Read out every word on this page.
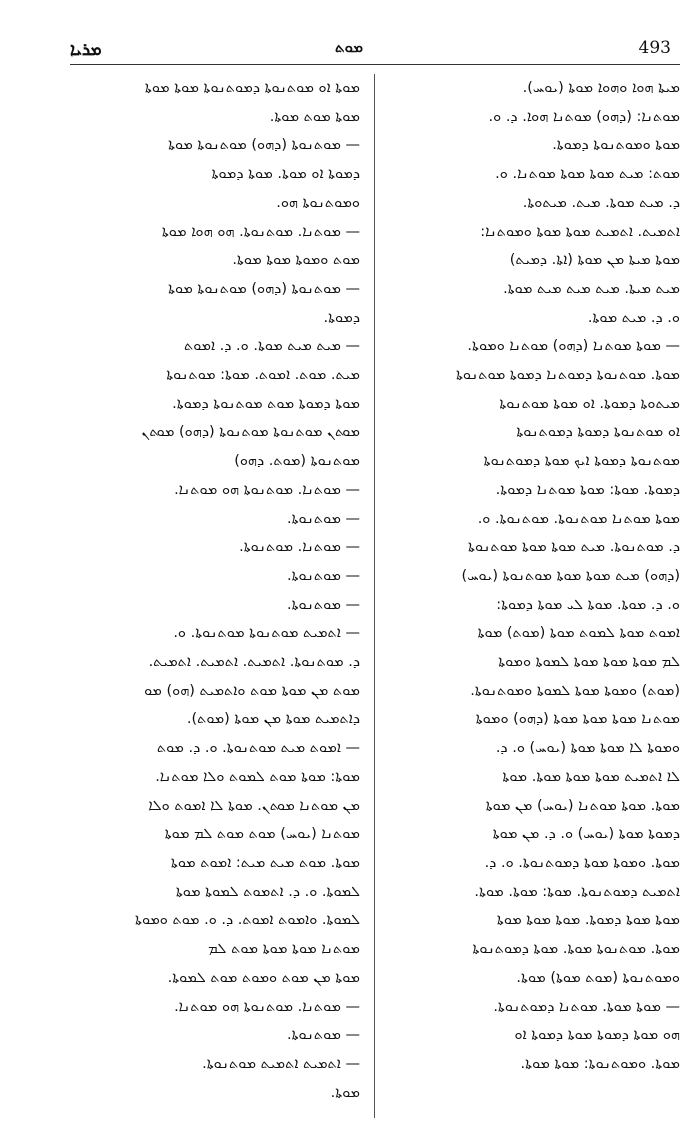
ܡܪܝܐ	ܡܘܬ	493
ܡܝܬܐ ܗܘܐ ܘܗܘܐ ܡܘܬܐ (ܝܘܚ).
ܡܘܬܢܐ: (ܕܗܘ) ܡܘܬܢܐ ܗܘܐ. ܕ. ܘ.
ܡܘܬܐ ܘܡܘܬܢܘܬܐ ܕܡܘܬܐ.
ܡܘܬ: ܡܝܬ ܡܘܬܐ ܡܘܬܐ ܡܘܬܢܐ. ܘ.
ܕ. ܡܝܬ ܡܘܬܐ. ܡܝܬ. ܡܝܬܘܬܐ.
ܐܬܡܝܬ. ܐܬܡܝܬ ܡܘܬܐ ܡܘܬܐ ܘܡܘܬܢܐ:
ܡܘܬܐ ܡܝܬܐ ܡܢ ܡܘܬܐ (ܐܬܐ. ܕܡܝܬ)
ܡܝܬ ܡܝܬܐ. ܡܝܬ ܡܝܬ ܡܝܬ ܡܘܬܐ.
ܘ. ܕ. ܡܝܬ ܡܘܬܐ.
— ܡܘܬܐ ܡܘܬܢܐ (ܕܗܘ) ܡܘܬܢܐ ܘܡܘܬܐ.
ܡܘܬܐ. ܡܘܬܢܘܬܐ ܕܡܘܬܢܐ ܕܡܘܬܐ ܡܘܬܢܘܬܐ
ܡܝܬܘܬܐ ܕܡܘܬܐ. ܐܘ ܡܘܬܐ ܡܘܬܢܘܬܐ
ܐܘ ܡܘܬܢܘܬܐ ܕܡܘܬܐ ܕܡܘܬܢܘܬܐ
ܡܘܬܢܘܬܐ ܕܡܘܬܐ ܐܝܟ ܡܘܬܐ ܕܡܘܬܢܘܬܐ
ܕܡܘܬܐ. ܡܘܬܐ: ܡܘܬܐ ܡܘܬܢܐ ܕܡܘܬܐ.
ܡܘܬܐ ܡܘܬܢܐ ܡܘܬܢܘܬܐ. ܡܘܬܢܘܬܐ. ܘ.
ܕ. ܡܘܬܢܘܬܐ. ܡܝܬ ܡܘܬܐ ܡܘܬܐ ܡܘܬܢܘܬܐ
(ܕܗܘ) ܡܝܬ ܡܘܬܐ ܡܘܬܐ ܡܘܬܢܘܬܐ (ܝܘܚ)
ܘ. ܕ. ܡܘܬܐ. ܡܘܬܐ ܠܝ ܡܘܬܐ ܕܡܘܬܐ:
ܐܡܘܬ ܡܘܬܐ ܠܡܘܬ ܡܘܬܐ (ܡܘܬ) ܡܘܬܐ
ܠܡ ܡܘܬܐ ܡܘܬܐ ܡܘܬܐ ܠܡܘܬܐ ܘܡܘܬܐ
(ܡܘܬ) ܘܡܘܬܐ ܡܘܬܐ ܠܡܘܬܐ ܘܡܘܬܢܘܬܐ.
ܡܘܬܢܐ ܡܘܬܐ ܡܘܬܐ ܡܘܬܐ (ܕܗܘ) ܘܡܘܬܐ
ܘܡܘܬܐ ܠܐ ܡܘܬܐ ܡܘܬܐ (ܝܘܚ) ܘ. ܕ.
ܠܐ ܐܬܡܝܬ ܡܘܬܐ ܡܘܬܐ ܡܘܬܐ. ܡܘܬܐ
ܡܘܬܐ. ܡܘܬܐ ܡܘܬܢܐ (ܝܘܚ) ܡܢ ܡܘܬܐ
ܕܡܘܬܐ ܡܘܬܐ (ܝܘܚ) ܘ. ܕ. ܡܢ ܡܘܬܐ
ܡܘܬܐ. ܘܡܘܬܐ ܡܘܬܐ ܕܡܘܬܢܘܬܐ. ܘ. ܕ.
ܐܬܡܝܬ ܕܡܘܬܢܘܬܐ. ܡܘܬܐ: ܡܘܬܐ. ܡܘܬܐ.
ܡܘܬܐ ܡܘܬܐ ܕܡܘܬܐ. ܡܘܬܐ ܡܘܬܐ ܡܘܬܐ
ܡܘܬܐ. ܡܘܬܢܘܬܐ ܡܘܬܐ. ܡܘܬܐ ܕܡܘܬܢܘܬܐ
ܘܡܘܬܢܘܬܐ (ܡܘܬ ܡܘܬܐ) ܡܘܬܐ.
— ܡܘܬܐ ܡܘܬܐ. ܡܘܬܢܐ ܕܡܘܬܢܘܬܐ.
ܗܘ ܡܘܬܐ ܕܡܘܬܐ ܡܘܬܐ ܕܡܘܬܐ ܐܘ
ܡܘܬܐ. ܘܡܘܬܢܘܬܐ: ܡܘܬܐ ܡܘܬܐ.
ܡܘܬܐ ܐܘ ܡܘܬܢܘܬܐ ܕܡܘܬܢܘܬܐ ܡܘܬܐ ܡܘܬܐ
ܡܘܬܐ ܡܘܬ ܡܘܬܐ.
— ܡܘܬܢܘܬܐ (ܕܗܘ) ܡܘܬܢܘܬܐ ܡܘܬܐ
ܕܡܘܬܐ ܐܘ ܡܘܬܐ. ܡܘܬܐ ܕܡܘܬܐ
ܘܡܘܬܢܘܬܐ ܗܘ.
— ܡܘܬܢܐ. ܡܘܬܢܘܬܐ. ܗܘ ܗܘܐ ܡܘܬܐ
ܡܘܬ ܘܡܘܬܐ ܡܘܬܐ ܡܘܬܐ.
— ܡܘܬܢܘܬܐ (ܕܗܘ) ܡܘܬܢܘܬܐ ܡܘܬܐ
ܕܡܘܬܐ.
— ܡܝܬ ܡܝܬ ܡܘܬܐ. ܘ. ܕ. ܐܡܘܬ
ܡܝܬ. ܡܘܬ. ܐܡܘܬ. ܡܘܬܐ: ܡܘܬܢܘܬܐ
ܡܘܬܐ ܕܡܘܬܐ ܡܘܬ ܡܘܬܢܘܬܐ ܕܡܘܬܐ.
ܡܘܬܢ ܡܘܬܢܘܬܐ ܡܘܬܢܘܬܐ (ܕܗܘ) ܡܘܬܢ
ܡܘܬܢܘܬܐ (ܡܘܬ. ܕܗܘ)
— ܡܘܬܢܐ. ܡܘܬܢܘܬܐ ܗܘ ܡܘܬܢܐ.
— ܡܘܬܢܘܬܐ.
— ܡܘܬܢܐ. ܡܘܬܢܘܬܐ.
— ܡܘܬܢܘܬܐ.
— ܡܘܬܢܘܬܐ.
— ܐܬܡܝܬ ܡܘܬܢܘܬܐ ܡܘܬܢܘܬܐ. ܘ.
ܕ. ܡܘܬܢܘܬܐ. ܐܬܡܝܬ. ܐܬܡܝܬ. ܐܬܡܝܬ.
ܡܘܬ ܡܢ ܡܘܬܐ ܡܘܬ ܘܐܬܡܝܬ (ܗܘ) ܡܘ
ܕܐܬܡܝܬ ܡܘܬܐ ܡܢ ܡܘܬܐ (ܡܘܬ).
— ܐܡܘܬ ܡܝܬ ܡܘܬܢܘܬܐ. ܘ. ܕ. ܡܘܬ
ܡܘܬܐ: ܡܘܬܐ ܡܘܬ ܠܡܘܬ ܘܠܐ ܡܘܬܢܐ.
ܡܢ ܡܘܬܢܐ ܡܘܬܢ. ܡܘܬܐ ܠܐ ܐܡܘܬ ܘܠܐ
ܡܘܬܢܐ (ܝܘܚ) ܡܘܬ ܡܘܬ ܠܡ ܡܘܬܐ
ܡܘܬܐ. ܡܘܬ ܡܝܬ ܡܝܬ: ܐܡܘܬ ܡܘܬܐ
ܠܡܘܬܐ. ܘ. ܕ. ܐܬܡܘܬ ܠܡܘܬܐ ܡܘܬܐ
ܠܡܘܬܐ. ܘܐܡܘܬ ܐܡܘܬ. ܕ. ܘ. ܡܘܬ ܘܡܘܬܐ
ܡܘܬܢܐ ܡܘܬܐ ܡܘܬܐ ܡܘܬ ܠܡ
ܡܘܬܐ ܡܢ ܡܘܬ ܘܡܘܬ ܡܘܬ ܠܡܘܬܐ.
— ܡܘܬܢܐ. ܡܘܬܢܘܬܐ ܗܘ ܡܘܬܢܐ.
— ܡܘܬܢܘܬܐ.
— ܐܬܡܝܬ ܐܬܡܝܬ ܡܘܬܢܘܬܐ.
ܡܘܬܐ.
